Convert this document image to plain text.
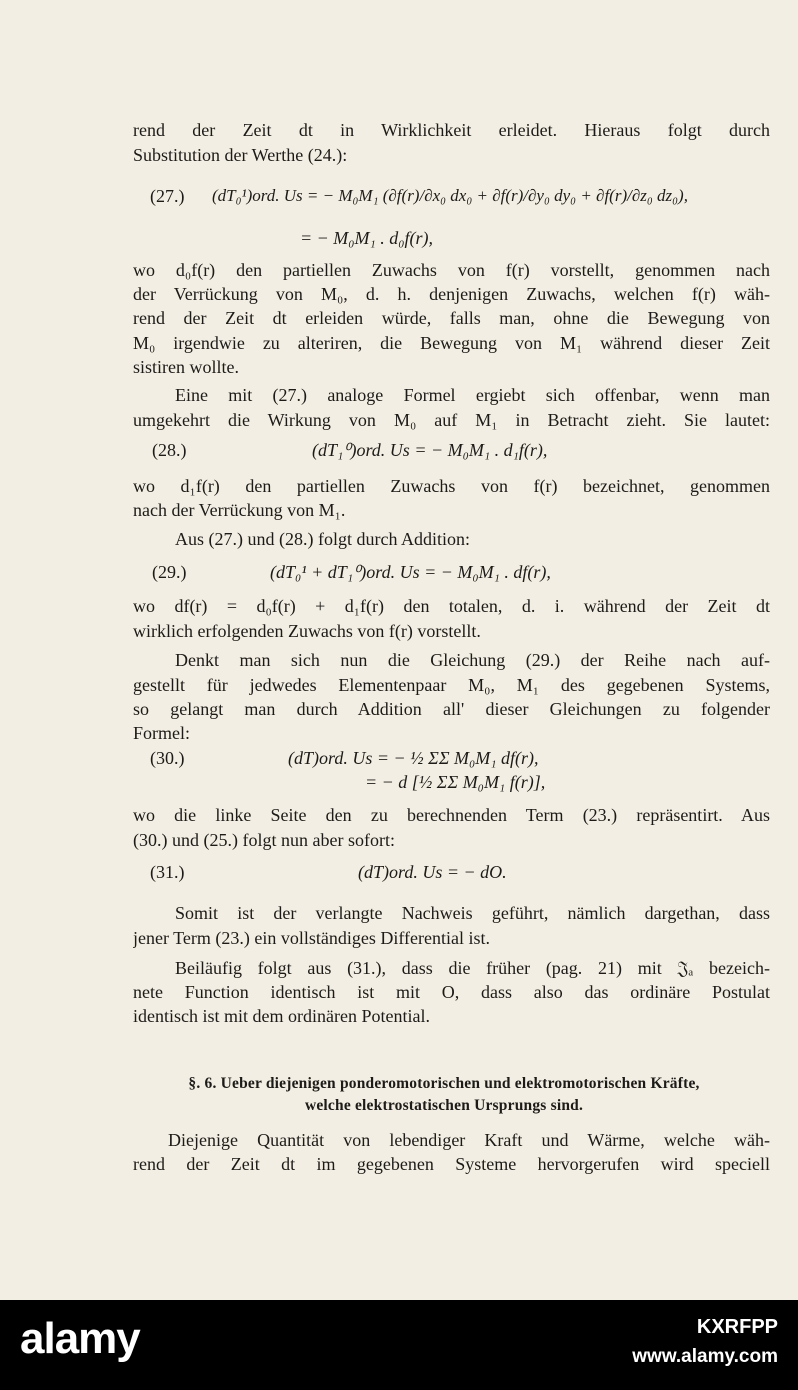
rend der Zeit dt in Wirklichkeit erleidet. Hieraus folgt durch
Substitution der Werthe (24.):
(27.) (dT₀¹)ord. Us = − M₀M₁ (∂f(r)/∂x₀ dx₀ + ∂f(r)/∂y₀ dy₀ + ∂f(r)/∂z₀ dz₀),
= − M₀M₁ . d₀f(r),
wo d₀f(r) den partiellen Zuwachs von f(r) vorstellt, genommen nach
der Verrückung von M₀, d. h. denjenigen Zuwachs, welchen f(r) wäh-
rend der Zeit dt erleiden würde, falls man, ohne die Bewegung von
M₀ irgendwie zu alteriren, die Bewegung von M₁ während dieser Zeit
sistiren wollte.
Eine mit (27.) analoge Formel ergiebt sich offenbar, wenn man
umgekehrt die Wirkung von M₀ auf M₁ in Betracht zieht. Sie lautet:
(28.)	(dT₁⁰)ord. Us = − M₀M₁ . d₁f(r),
wo d₁f(r) den partiellen Zuwachs von f(r) bezeichnet, genommen
nach der Verrückung von M₁.
Aus (27.) und (28.) folgt durch Addition:
(29.)	(dT₀¹ + dT₁⁰)ord. Us = − M₀M₁ . df(r),
wo df(r) = d₀f(r) + d₁f(r) den totalen, d. i. während der Zeit dt
wirklich erfolgenden Zuwachs von f(r) vorstellt.
Denkt man sich nun die Gleichung (29.) der Reihe nach auf-
gestellt für jedwedes Elementenpaar M₀, M₁ des gegebenen Systems,
so gelangt man durch Addition all' dieser Gleichungen zu folgender
Formel:
(30.)	(dT)ord. Us = − ½ ΣΣ M₀M₁ df(r),
= − d [½ ΣΣ M₀M₁ f(r)],
wo die linke Seite den zu berechnenden Term (23.) repräsentirt. Aus
(30.) und (25.) folgt nun aber sofort:
(31.)	(dT)ord. Us = − dO.
Somit ist der verlangte Nachweis geführt, nämlich dargethan, dass
jener Term (23.) ein vollständiges Differential ist.
Beiläufig folgt aus (31.), dass die früher (pag. 21) mit 𝔍ₐ bezeich-
nete Function identisch ist mit O, dass also das ordinäre Postulat
identisch ist mit dem ordinären Potential.
§. 6. Ueber diejenigen ponderomotorischen und elektromotorischen Kräfte,
welche elektrostatischen Ursprungs sind.
Diejenige Quantität von lebendiger Kraft und Wärme, welche wäh-
rend der Zeit dt im gegebenen Systeme hervorgerufen wird speciell
alamy	KXRFPP
www.alamy.com
